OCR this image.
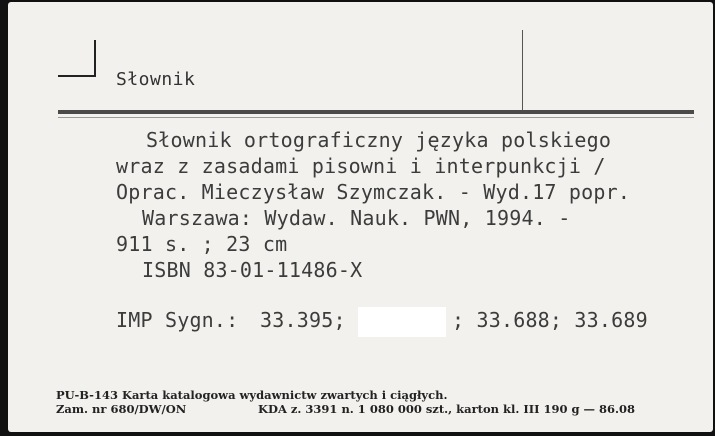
Słownik
Słownik ortograficzny języka polskiego
wraz z zasadami pisowni i interpunkcji /
Oprac. Mieczysław Szymczak. - Wyd.17 popr.
Warszawa: Wydaw. Nauk. PWN, 1994. -
911 s. ; 23 cm
ISBN 83-01-11486-X
IMP Sygn.: 33.395;	; 33.688; 33.689
PU-B-143 Karta katalogowa wydawnictw zwartych i ciągłych.
Zam. nr 680/DW/ON	KDA z. 3391 n. 1 080 000 szt., karton kl. III 190 g — 86.08
